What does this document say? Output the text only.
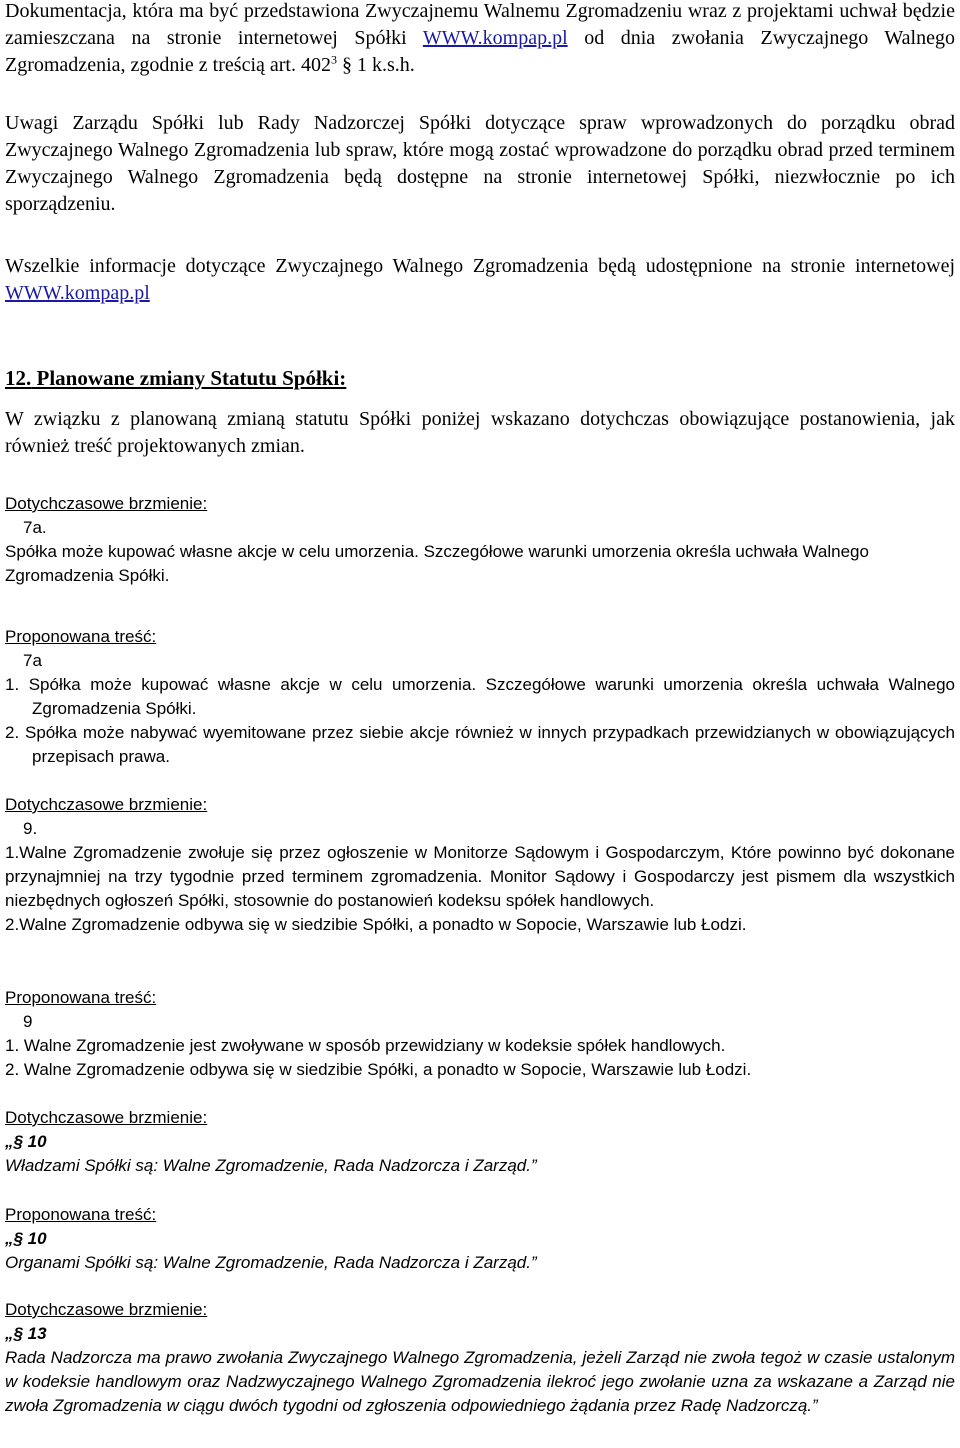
Dokumentacja, która ma być przedstawiona Zwyczajnemu Walnemu Zgromadzeniu wraz z projektami uchwał będzie zamieszczana na stronie internetowej Spółki WWW.kompap.pl od dnia zwołania Zwyczajnego Walnego Zgromadzenia, zgodnie z treścią art. $402^3$ § 1 k.s.h.

Uwagi Zarządu Spółki lub Rady Nadzorczej Spółki dotyczące spraw wprowadzonych do porządku obrad Zwyczajnego Walnego Zgromadzenia lub spraw, które mogą zostać wprowadzone do porządku obrad przed terminem Zwyczajnego Walnego Zgromadzenia będą dostępne na stronie internetowej Spółki, niezwłocznie po ich sporządzeniu.

Wszelkie informacje dotyczące Zwyczajnego Walnego Zgromadzenia będą udostępnione na stronie internetowej WWW.kompap.pl

12. Planowane zmiany Statutu Spółki:

W związku z planowaną zmianą statutu Spółki poniżej wskazano dotychczas obowiązujące postanowienia, jak również treść projektowanych zmian.

Dotychczasowe brzmienie:
7a.
Spółka może kupować własne akcje w celu umorzenia. Szczegółowe warunki umorzenia określa uchwała Walnego Zgromadzenia Spółki.
Proponowana treść:
7a
1. Spółka może kupować własne akcje w celu umorzenia. Szczegółowe warunki umorzenia określa uchwała Walnego Zgromadzenia Spółki.
2. Spółka może nabywać wyemitowane przez siebie akcje również w innych przypadkach przewidzianych w obowiązujących przepisach prawa.
Dotychczasowe brzmienie:
9.
1.Walne Zgromadzenie zwołuje się przez ogłoszenie w Monitorze Sądowym i Gospodarczym, Które powinno być dokonane przynajmniej na trzy tygodnie przed terminem zgromadzenia. Monitor Sądowy i Gospodarczy jest pismem dla wszystkich niezbędnych ogłoszeń Spółki, stosownie do postanowień kodeksu spółek handlowych.
2.Walne Zgromadzenie odbywa się w siedzibie Spółki, a ponadto w Sopocie, Warszawie lub Łodzi.
Proponowana treść:
9
1. Walne Zgromadzenie jest zwoływane w sposób przewidziany w kodeksie spółek handlowych.
2. Walne Zgromadzenie odbywa się w siedzibie Spółki, a ponadto w Sopocie, Warszawie lub Łodzi.
Dotychczasowe brzmienie:
„§ 10
Władzami Spółki są: Walne Zgromadzenie, Rada Nadzorcza i Zarząd.”
Proponowana treść:
„§ 10
Organami Spółki są: Walne Zgromadzenie, Rada Nadzorcza i Zarząd.”
Dotychczasowe brzmienie:
„§ 13
Rada Nadzorcza ma prawo zwołania Zwyczajnego Walnego Zgromadzenia, jeżeli Zarząd nie zwoła tegoż w czasie ustalonym w kodeksie handlowym oraz Nadzwyczajnego Walnego Zgromadzenia ilekroć jego zwołanie uzna za wskazane a Zarząd nie zwoła Zgromadzenia w ciągu dwóch tygodni od zgłoszenia odpowiedniego żądania przez Radę Nadzorczą.”
